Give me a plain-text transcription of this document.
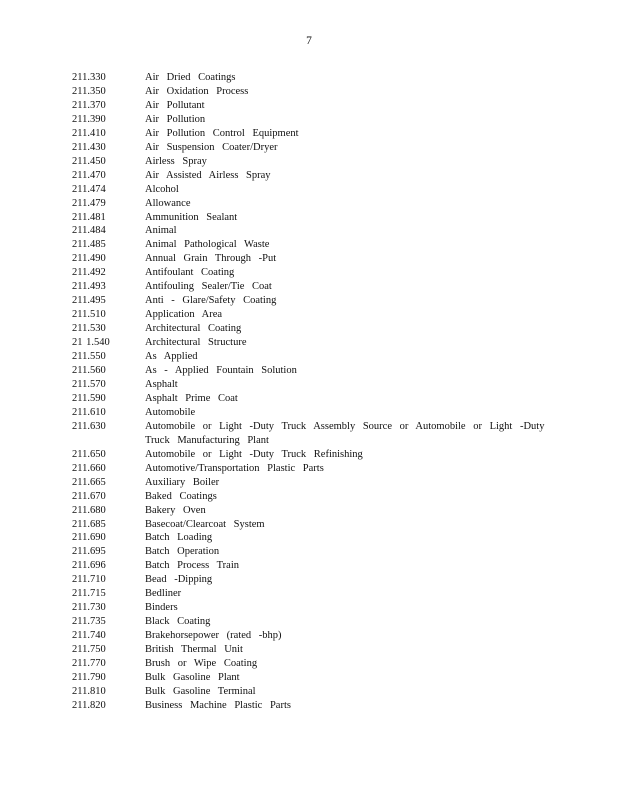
7
211.330	Air Dried Coatings
211.350	Air Oxidation Process
211.370	Air Pollutant
211.390	Air Pollution
211.410	Air Pollution Control Equipment
211.430	Air Suspension Coater/Dryer
211.450	Airless Spray
211.470	Air Assisted Airless Spray
211.474	Alcohol
211.479	Allowance
211.481	Ammunition Sealant
211.484	Animal
211.485	Animal Pathological Waste
211.490	Annual Grain Through -Put
211.492	Antifoulant Coating
211.493	Antifouling Sealer/Tie Coat
211.495	Anti - Glare/Safety Coating
211.510	Application Area
211.530	Architectural Coating
21 1.540	Architectural Structure
211.550	As Applied
211.560	As - Applied Fountain Solution
211.570	Asphalt
211.590	Asphalt Prime Coat
211.610	Automobile
211.630	Automobile or Light -Duty Truck Assembly Source or Automobile or Light -Duty Truck Manufacturing Plant
211.650	Automobile or Light -Duty Truck Refinishing
211.660	Automotive/Transportation Plastic Parts
211.665	Auxiliary Boiler
211.670	Baked Coatings
211.680	Bakery Oven
211.685	Basecoat/Clearcoat System
211.690	Batch Loading
211.695	Batch Operation
211.696	Batch Process Train
211.710	Bead -Dipping
211.715	Bedliner
211.730	Binders
211.735	Black Coating
211.740	Brakehorsepower (rated -bhp)
211.750	British Thermal Unit
211.770	Brush or Wipe Coating
211.790	Bulk Gasoline Plant
211.810	Bulk Gasoline Terminal
211.820	Business Machine Plastic Parts
